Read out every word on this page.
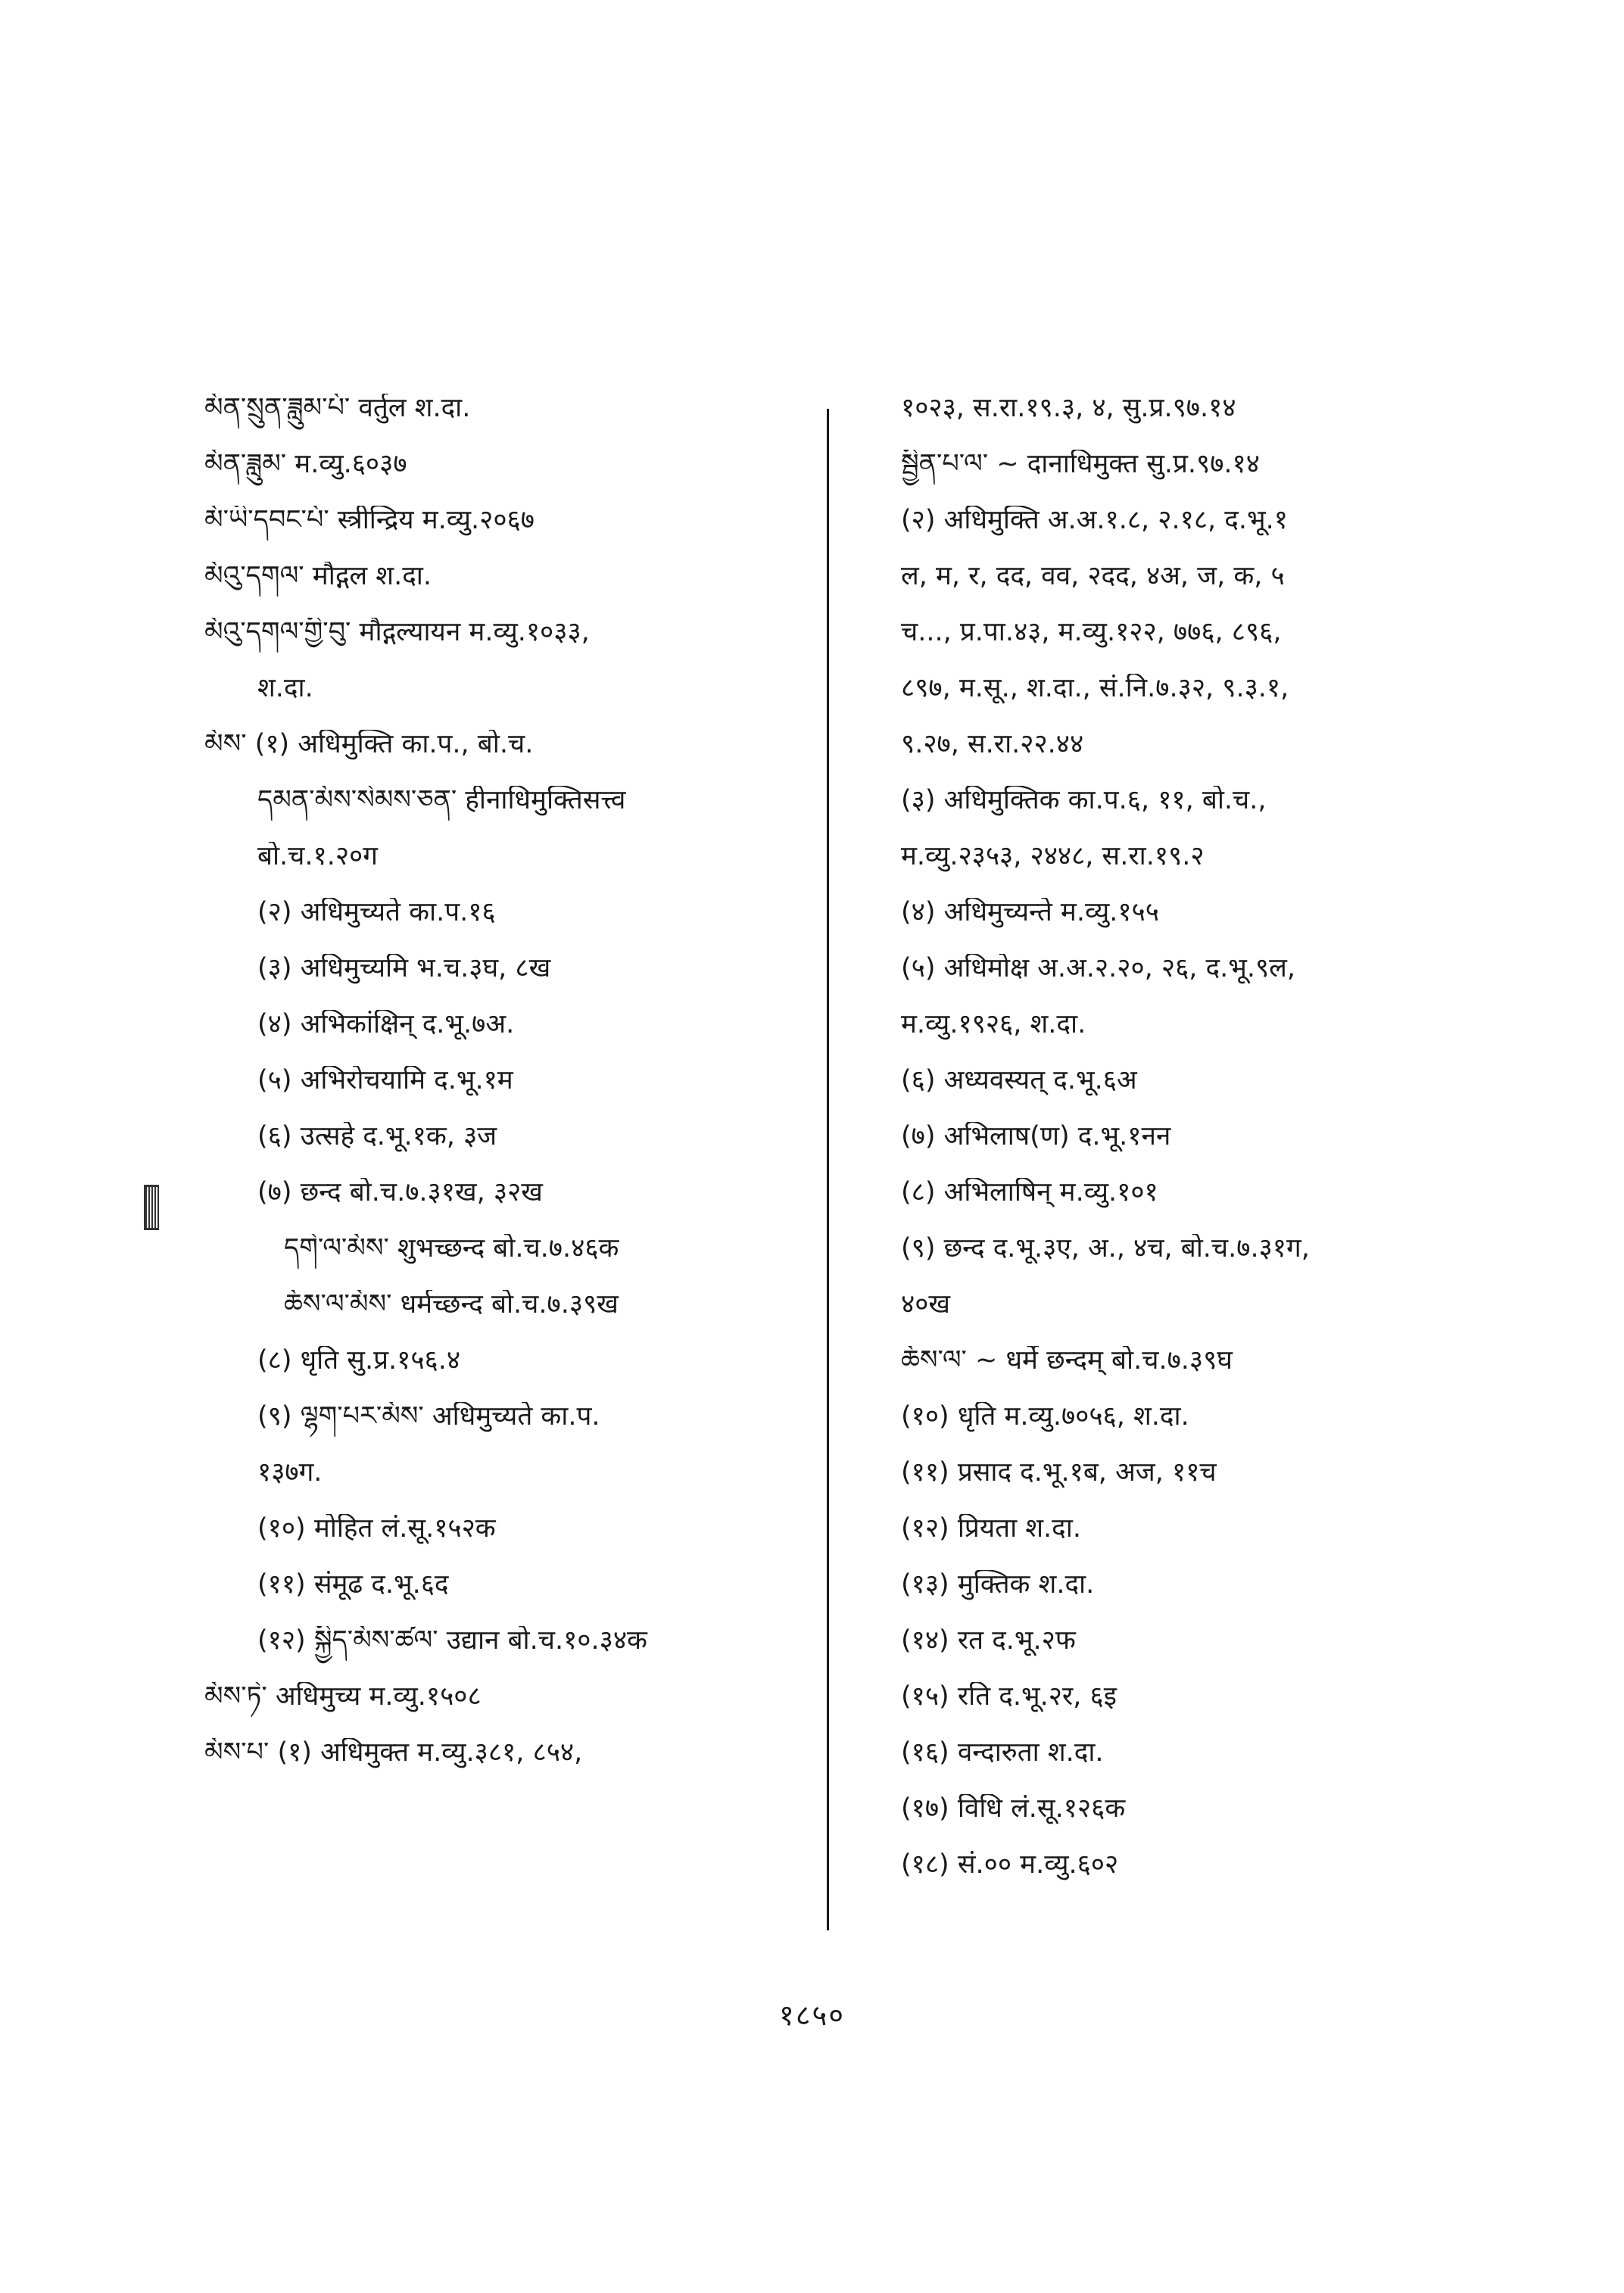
མོན་སྲུན་ཟླུམ་པོ་ वर्तुल श.दा.
མོན་ཟླུམ་ म.व्यु.६०३७
མོ་ཡི་དབང་པོ་ स्त्रीन्द्रिय म.व्यु.२०६७
མོའུ་དགལ་ मौद्गल श.दा.
མོའུ་དགལ་གྱི་བུ་ मौद्गल्यायन म.व्यु.१०३३,
श.दा.
མོས་ (१) अधिमुक्ति का.प., बो.च.
དམན་མོས་སེམས་ཅན་ हीनाधिमुक्तिसत्त्व
बो.च.१.२०ग
(२) अधिमुच्यते का.प.१६
(३) अधिमुच्यमि भ.च.३घ, ८ख
(४) अभिकांक्षिन् द.भू.७अ.
(५) अभिरोचयामि द.भू.१म
(६) उत्सहे द.भू.१क, ३ज
(७) छन्द बो.च.७.३१ख, ३२ख
དགེ་ལ་མོས་ शुभच्छन्द बो.च.७.४६क
ཆོས་ལ་མོས་ धर्मच्छन्द बो.च.७.३९ख
(८) धृति सु.प्र.१५६.४
(९) ལྷག་པར་མོས་ अधिमुच्यते का.प.
१३७ग.
(१०) मोहित लं.सू.१५२क
(११) संमूढ द.भू.६द
(१२) སྐྱིད་མོས་ཚལ་ उद्यान बो.च.१०.३४क
མོས་ཏེ་ अधिमुच्य म.व्यु.१५०८
མོས་པ་ (१) अधिमुक्त म.व्यु.३८१, ८५४,
१०२३, स.रा.१९.३, ४, सु.प्र.९७.१४
སྦྱིན་པ་ལ་ ~ दानाधिमुक्त सु.प्र.९७.१४
(२) अधिमुक्ति अ.अ.१.८, २.१८, द.भू.१
ल, म, र, दद, वव, २दद, ४अ, ज, क, ५
च..., प्र.पा.४३, म.व्यु.१२२, ७७६, ८९६,
८९७, म.सू., श.दा., सं.नि.७.३२, ९.३.१,
९.२७, स.रा.२२.४४
(३) अधिमुक्तिक का.प.६, ११, बो.च.,
म.व्यु.२३५३, २४४८, स.रा.१९.२
(४) अधिमुच्यन्ते म.व्यु.१५५
(५) अधिमोक्ष अ.अ.२.२०, २६, द.भू.९ल,
म.व्यु.१९२६, श.दा.
(६) अध्यवस्यत् द.भू.६अ
(७) अभिलाष(ण) द.भू.१नन
(८) अभिलाषिन् म.व्यु.१०१
(९) छन्द द.भू.३ए, अ., ४च, बो.च.७.३१ग,
४०ख
ཆོས་ལ་ ~ धर्मे छन्दम् बो.च.७.३९घ
(१०) धृति म.व्यु.७०५६, श.दा.
(११) प्रसाद द.भू.१ब, अज, ११च
(१२) प्रियता श.दा.
(१३) मुक्तिक श.दा.
(१४) रत द.भू.२फ
(१५) रति द.भू.२र, ६इ
(१६) वन्दारुता श.दा.
(१७) विधि लं.सू.१२६क
(१८) सं.०० म.व्यु.६०२
१८५०
